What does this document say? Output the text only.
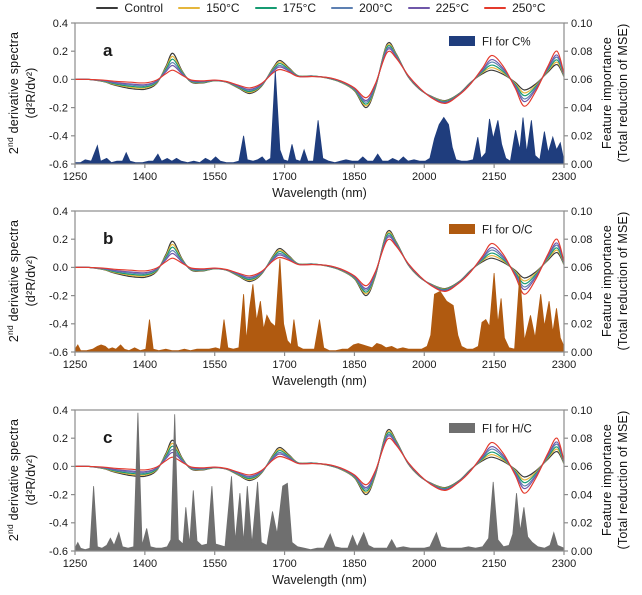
Control	150°C	175°C	200°C	225°C	250°C
1250	1400	1550	1700	1850	2000	2150	2300
0.4
0.2
0.0
-0.2
-0.4
-0.6
0.10
0.08
0.06
0.04
0.02
0.00
Wavelength (nm)
a	FI for C%
1250	1400	1550	1700	1850	2000	2150	2300
0.4
0.2
0.0
-0.2
-0.4
-0.6
0.10
0.08
0.06
0.04
0.02
0.00
Wavelength (nm)
b	FI for O/C
1250	1400	1550	1700	1850	2000	2150	2300
0.4
0.2
0.0
-0.2
-0.4
-0.6
0.10
0.08
0.06
0.04
0.02
0.00
Wavelength (nm)
c	FI for H/C
2nd derivative spectra (d²R/dv²)
2nd derivative spectra (d²R/dv²)
2nd derivative spectra (d²R/dv²)
Feature importance (Total reduction of MSE)
Feature importance (Total reduction of MSE)
Feature importance (Total reduction of MSE)
